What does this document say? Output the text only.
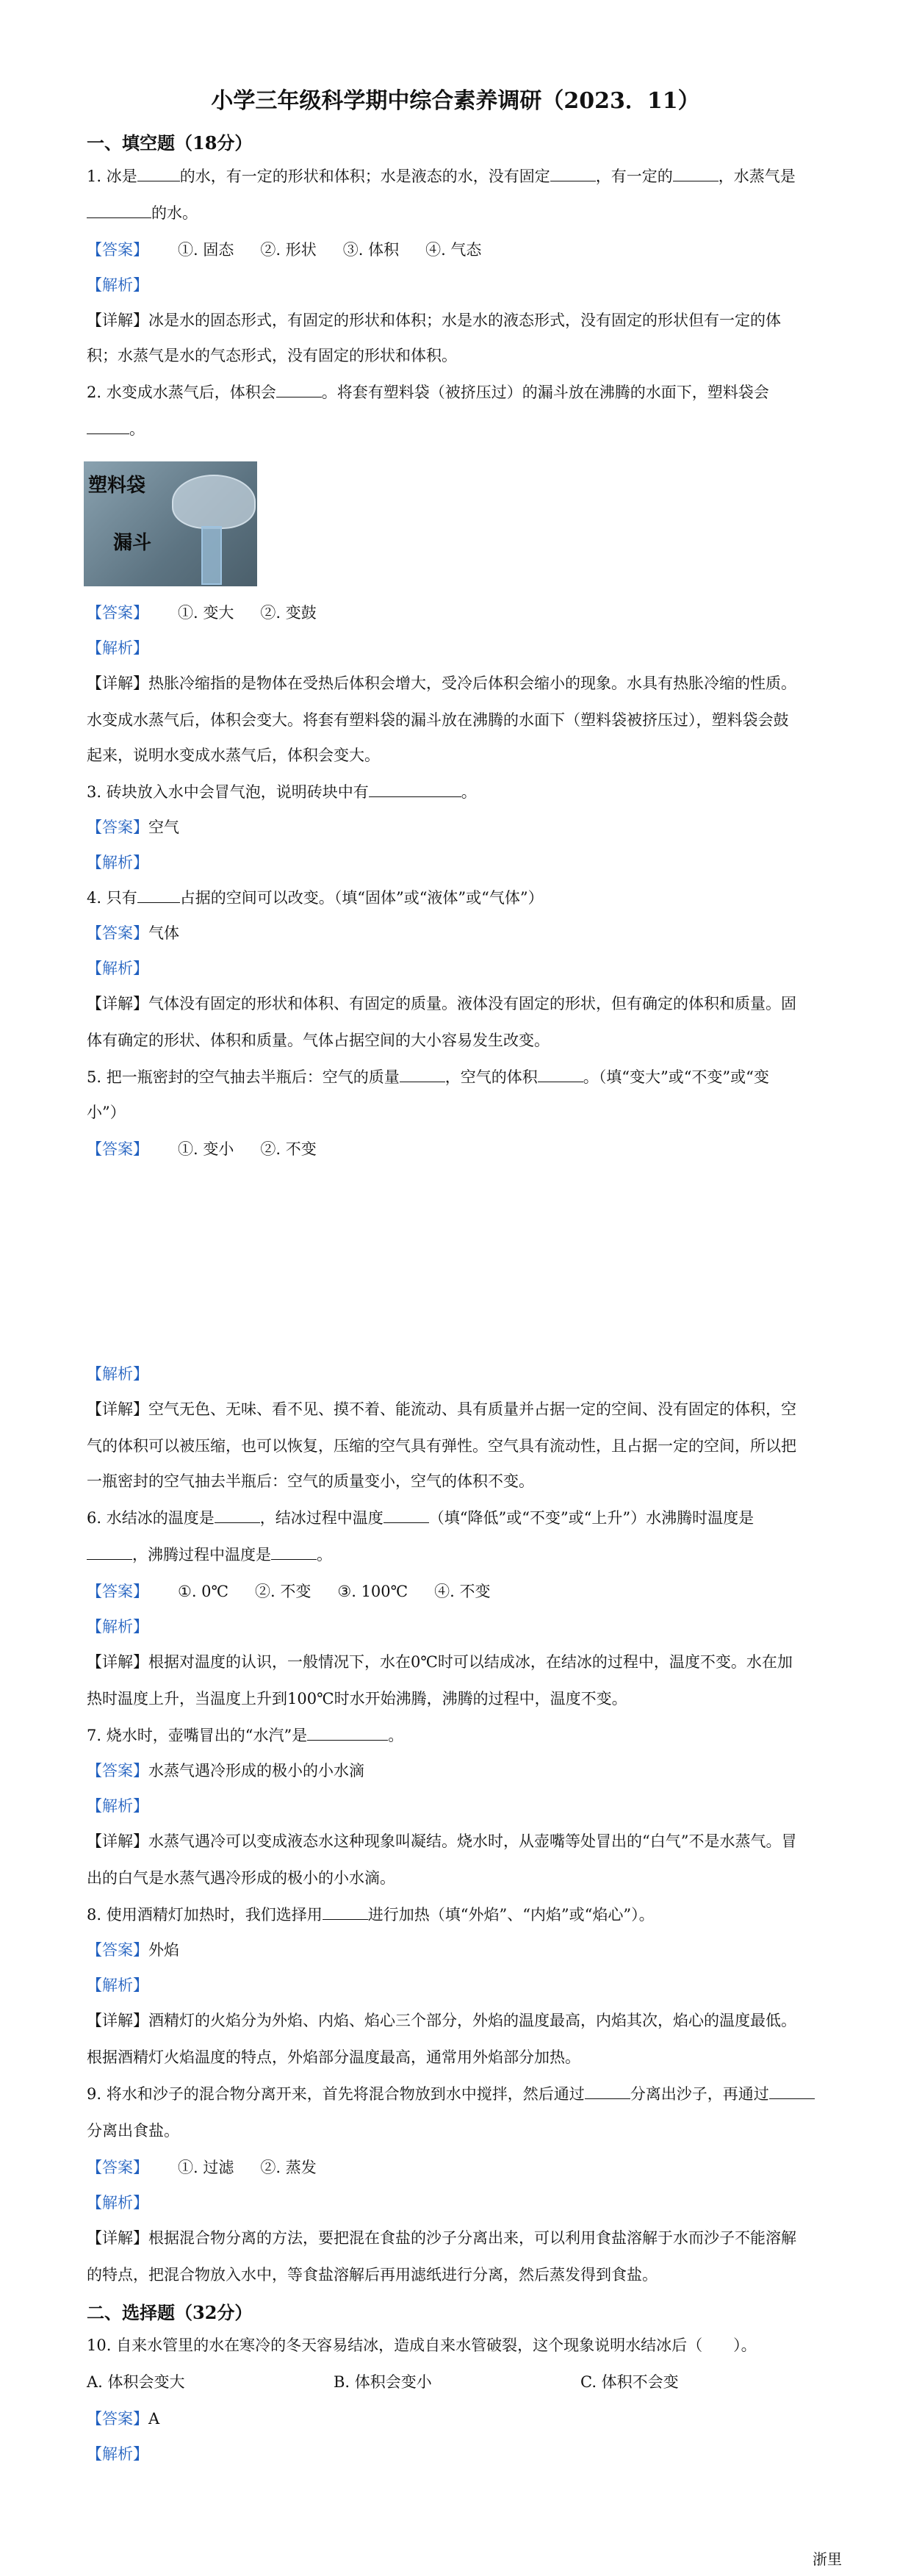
小学三年级科学期中综合素养调研（2023．11）
一、填空题（18分）
1. 冰是	的水，有一定的形状和体积；水是液态的水，没有固定	，有一定的	，水蒸气是
的水。
【答案】 ①. 固态 ②. 形状 ③. 体积 ④. 气态
【解析】
【详解】冰是水的固态形式，有固定的形状和体积；水是水的液态形式，没有固定的形状但有一定的体
积；水蒸气是水的气态形式，没有固定的形状和体积。
2. 水变成水蒸气后，体积会	。将套有塑料袋（被挤压过）的漏斗放在沸腾的水面下，塑料袋会
。
塑料袋
漏斗
【答案】 ①. 变大 ②. 变鼓
【解析】
【详解】热胀冷缩指的是物体在受热后体积会增大，受冷后体积会缩小的现象。水具有热胀冷缩的性质。
水变成水蒸气后，体积会变大。将套有塑料袋的漏斗放在沸腾的水面下（塑料袋被挤压过），塑料袋会鼓
起来，说明水变成水蒸气后，体积会变大。
3. 砖块放入水中会冒气泡，说明砖块中有	。
【答案】空气
【解析】
4. 只有	占据的空间可以改变。（填“固体”或“液体”或“气体”）
【答案】气体
【解析】
【详解】气体没有固定的形状和体积、有固定的质量。液体没有固定的形状，但有确定的体积和质量。固
体有确定的形状、体积和质量。气体占据空间的大小容易发生改变。
5. 把一瓶密封的空气抽去半瓶后：空气的质量	，空气的体积	。（填“变大”或“不变”或“变
小”）
【答案】 ①. 变小 ②. 不变
【解析】
【详解】空气无色、无味、看不见、摸不着、能流动、具有质量并占据一定的空间、没有固定的体积，空
气的体积可以被压缩，也可以恢复，压缩的空气具有弹性。空气具有流动性，且占据一定的空间，所以把
一瓶密封的空气抽去半瓶后：空气的质量变小，空气的体积不变。
6. 水结冰的温度是	，结冰过程中温度	（填“降低”或“不变”或“上升”）水沸腾时温度是
，沸腾过程中温度是	。
【答案】 ①. 0℃ ②. 不变 ③. 100℃ ④. 不变
【解析】
【详解】根据对温度的认识，一般情况下，水在0℃时可以结成冰，在结冰的过程中，温度不变。水在加
热时温度上升，当温度上升到100℃时水开始沸腾，沸腾的过程中，温度不变。
7. 烧水时，壶嘴冒出的“水汽”是	。
【答案】水蒸气遇冷形成的极小的小水滴
【解析】
【详解】水蒸气遇冷可以变成液态水这种现象叫凝结。烧水时，从壶嘴等处冒出的“白气”不是水蒸气。冒
出的白气是水蒸气遇冷形成的极小的小水滴。
8. 使用酒精灯加热时，我们选择用	进行加热（填“外焰”、“内焰”或“焰心”）。
【答案】外焰
【解析】
【详解】酒精灯的火焰分为外焰、内焰、焰心三个部分，外焰的温度最高，内焰其次，焰心的温度最低。
根据酒精灯火焰温度的特点，外焰部分温度最高，通常用外焰部分加热。
9. 将水和沙子的混合物分离开来，首先将混合物放到水中搅拌，然后通过	分离出沙子，再通过
分离出食盐。
【答案】 ①. 过滤 ②. 蒸发
【解析】
【详解】根据混合物分离的方法，要把混在食盐的沙子分离出来，可以利用食盐溶解于水而沙子不能溶解
的特点，把混合物放入水中，等食盐溶解后再用滤纸进行分离，然后蒸发得到食盐。
二、选择题（32分）
10. 自来水管里的水在寒冷的冬天容易结冰，造成自来水管破裂，这个现象说明水结冰后（　　）。
A. 体积会变大	B. 体积会变小	C. 体积不会变
【答案】A
【解析】
浙里
